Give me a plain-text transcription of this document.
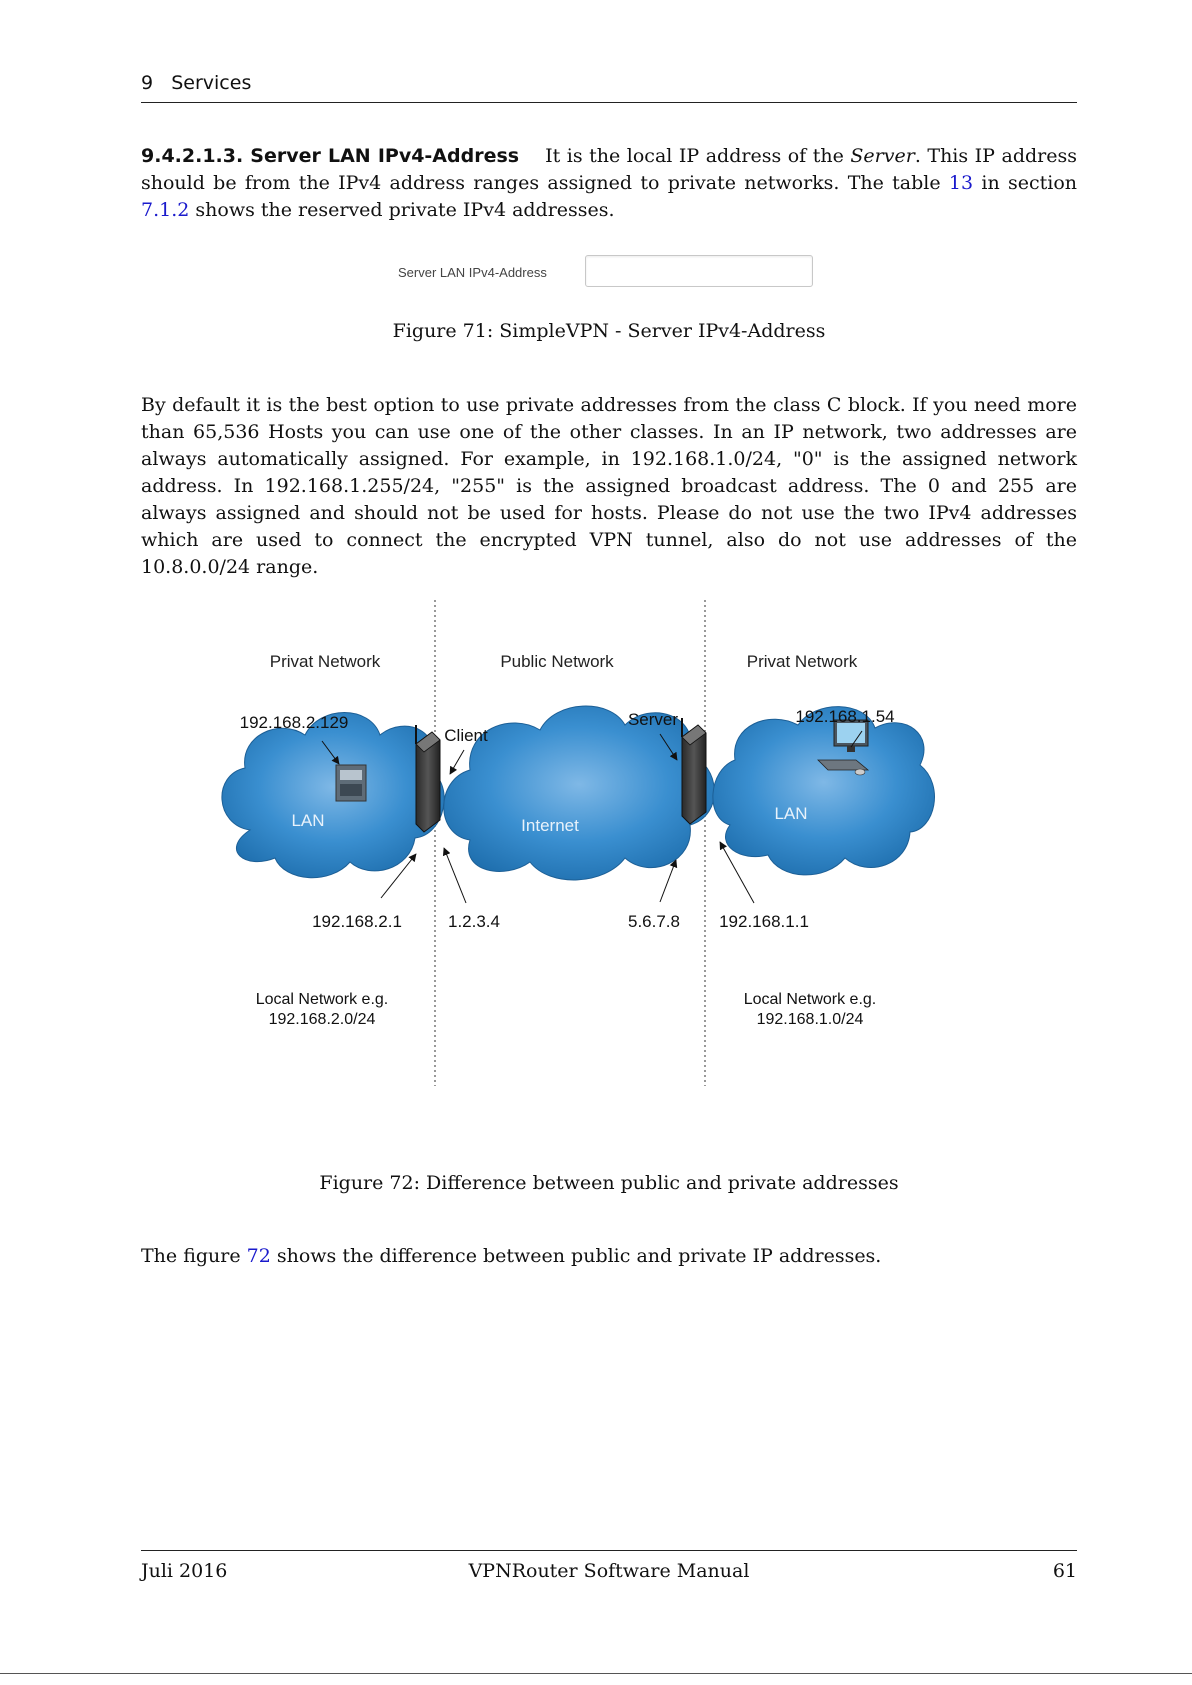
9 Services

9.4.2.1.3. Server LAN IPv4-Address It is the local IP address of the Server. This IP address should be from the IPv4 address ranges assigned to private networks. The table 13 in section 7.1.2 shows the reserved private IPv4 addresses.

Server LAN IPv4-Address
Figure 71: SimpleVPN - Server IPv4-Address

By default it is the best option to use private addresses from the class C block. If you need more than 65,536 Hosts you can use one of the other classes. In an IP network, two addresses are always automatically assigned. For example, in 192.168.1.0/24, "0" is the assigned network address. In 192.168.1.255/24, "255" is the assigned broadcast address. The 0 and 255 are always assigned and should not be used for hosts. Please do not use the two IPv4 addresses which are used to connect the encrypted VPN tunnel, also do not use addresses of the 10.8.0.0/24 range.

Privat Network	Public Network	Privat Network
LAN	Internet
LAN
192.168.2.129	192.168.1.54
Client
Server
192.168.2.1	1.2.3.4	5.6.7.8 192.168.1.1
Local Network e.g.
192.168.2.0/24
Local Network e.g.
192.168.1.0/24
Figure 72: Difference between public and private addresses

The figure 72 shows the difference between public and private IP addresses.

Juli 2016	VPNRouter Software Manual	61
